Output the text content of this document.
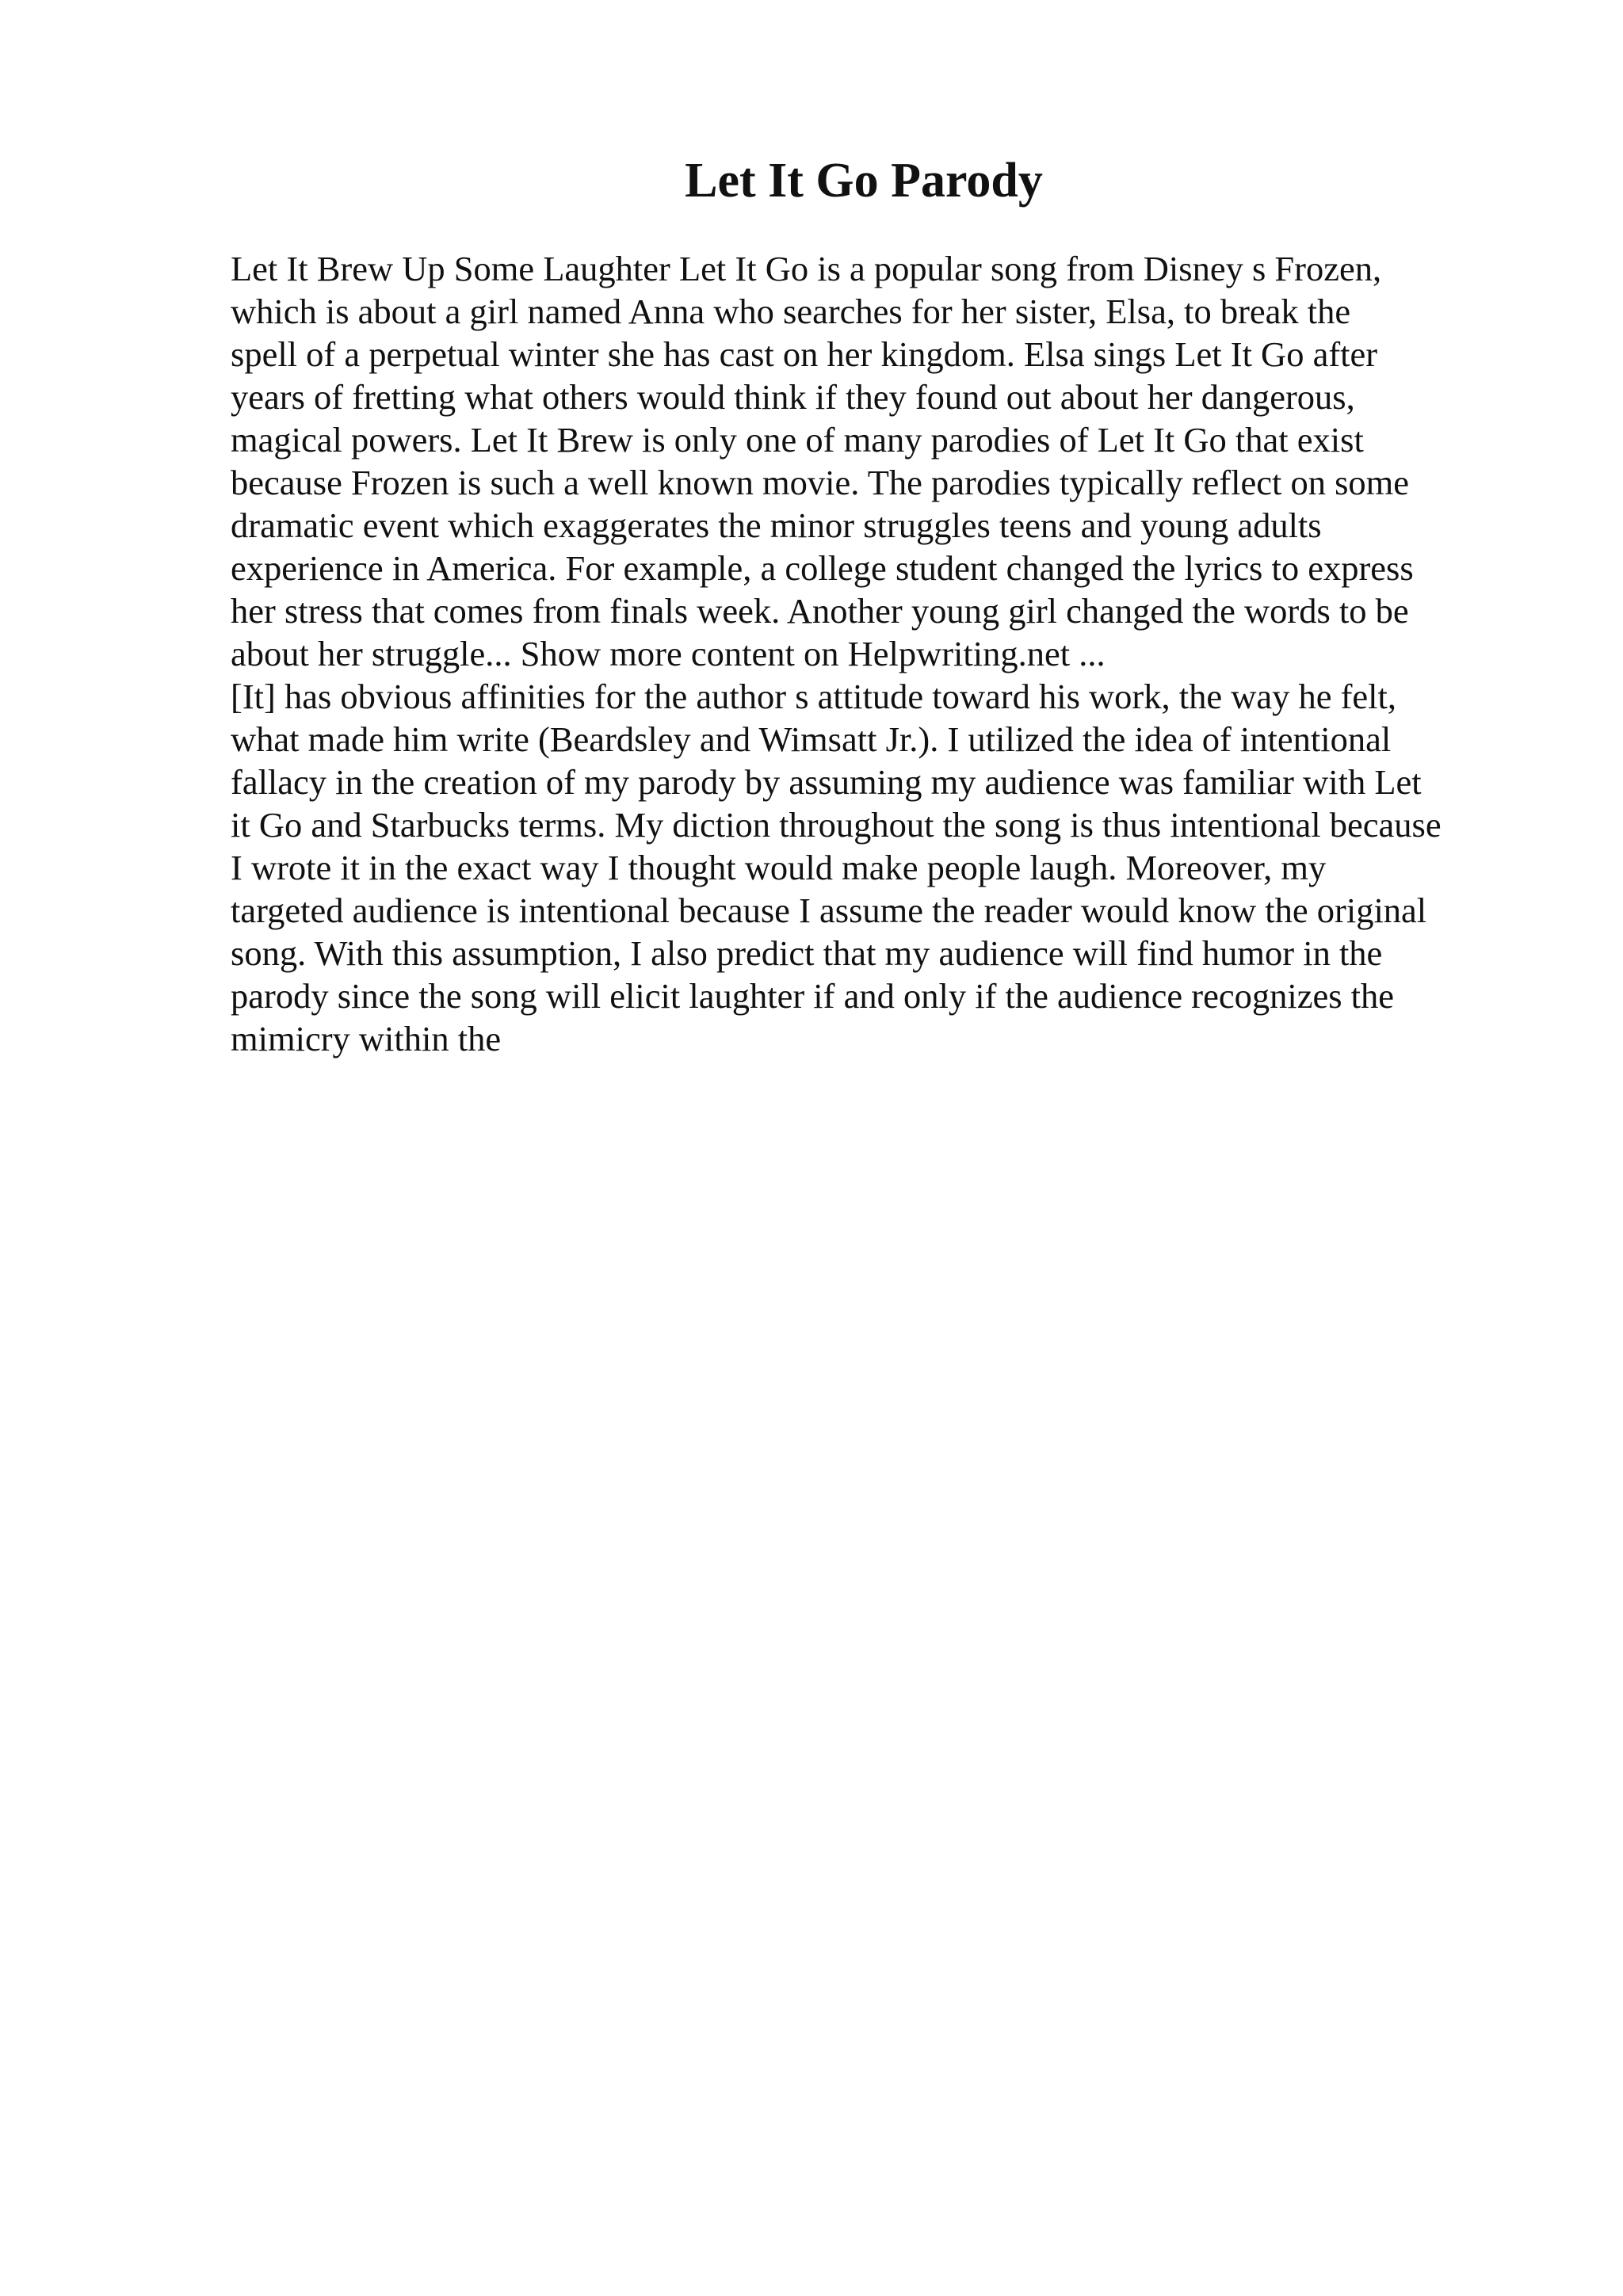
Let It Go Parody
Let It Brew Up Some Laughter Let It Go is a popular song from Disney s Frozen,
which is about a girl named Anna who searches for her sister, Elsa, to break the
spell of a perpetual winter she has cast on her kingdom. Elsa sings Let It Go after
years of fretting what others would think if they found out about her dangerous,
magical powers. Let It Brew is only one of many parodies of Let It Go that exist
because Frozen is such a well known movie. The parodies typically reflect on some
dramatic event which exaggerates the minor struggles teens and young adults
experience in America. For example, a college student changed the lyrics to express
her stress that comes from finals week. Another young girl changed the words to be
about her struggle... Show more content on Helpwriting.net ...
[It] has obvious affinities for the author s attitude toward his work, the way he felt,
what made him write (Beardsley and Wimsatt Jr.). I utilized the idea of intentional
fallacy in the creation of my parody by assuming my audience was familiar with Let
it Go and Starbucks terms. My diction throughout the song is thus intentional because
I wrote it in the exact way I thought would make people laugh. Moreover, my
targeted audience is intentional because I assume the reader would know the original
song. With this assumption, I also predict that my audience will find humor in the
parody since the song will elicit laughter if and only if the audience recognizes the
mimicry within the
